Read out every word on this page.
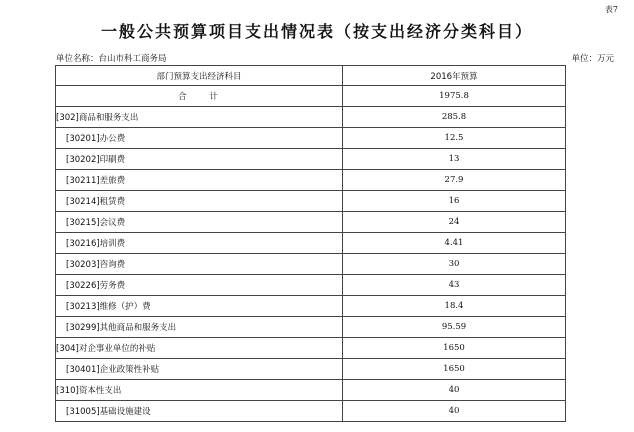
表7
一般公共预算项目支出情况表（按支出经济分类科目）
单位名称：台山市科工商务局	单位：万元
部门预算支出经济科目	2016年预算
合 计	1975.8
[302]商品和服务支出	285.8
[30201]办公费	12.5
[30202]印刷费	13
[30211]差旅费	27.9
[30214]租赁费	16
[30215]会议费	24
[30216]培训费	4.41
[30203]咨询费	30
[30226]劳务费	43
[30213]维修（护）费	18.4
[30299]其他商品和服务支出	95.59
[304]对企事业单位的补贴	1650
[30401]企业政策性补贴	1650
[310]资本性支出	40
[31005]基础设施建设	40
